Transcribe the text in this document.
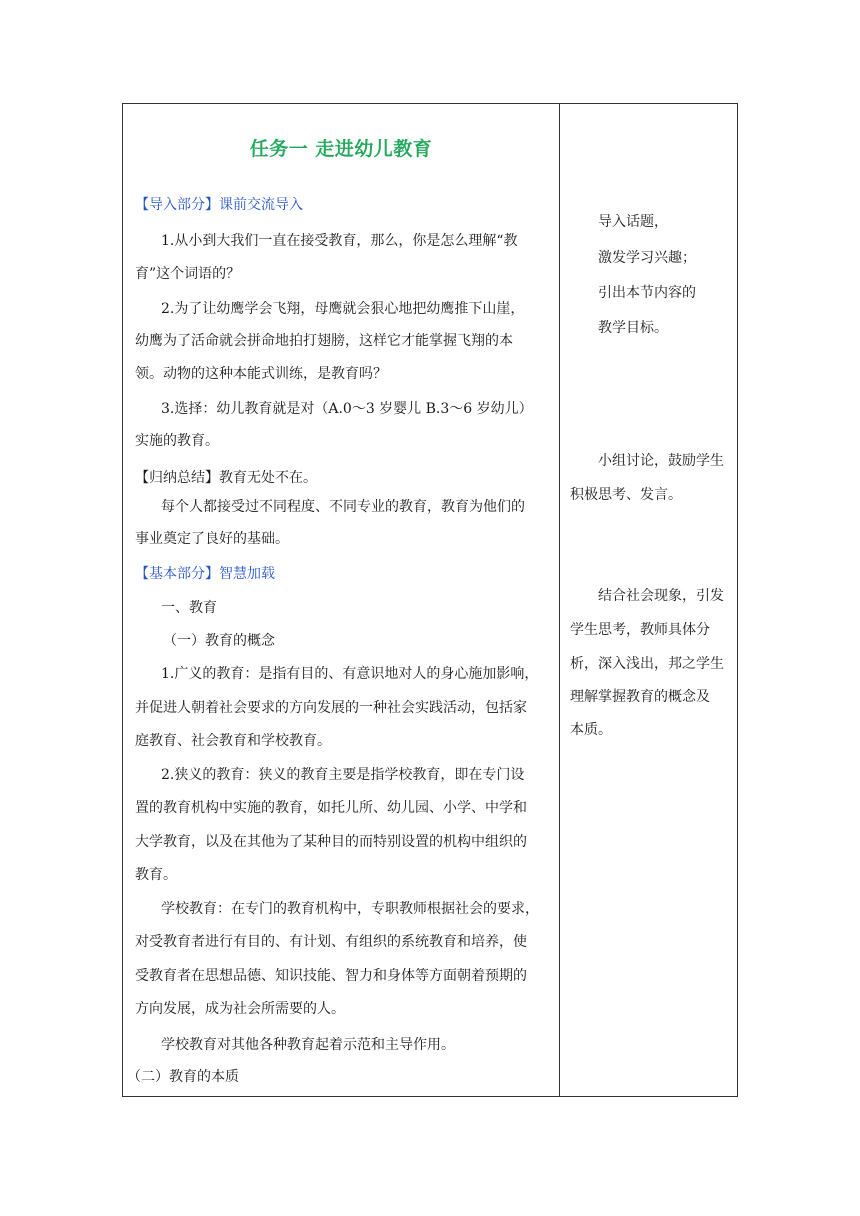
任务一 走进幼儿教育
【导入部分】课前交流导入
1.从小到大我们一直在接受教育，那么，你是怎么理解“教
育”这个词语的？
2.为了让幼鹰学会飞翔，母鹰就会狠心地把幼鹰推下山崖，
幼鹰为了活命就会拼命地拍打翅膀，这样它才能掌握飞翔的本
领。动物的这种本能式训练，是教育吗？
3.选择：幼儿教育就是对（A.0～3 岁婴儿 B.3～6 岁幼儿）
实施的教育。
【归纳总结】教育无处不在。
每个人都接受过不同程度、不同专业的教育，教育为他们的
事业奠定了良好的基础。
【基本部分】智慧加载
一、教育
（一）教育的概念
1.广义的教育：是指有目的、有意识地对人的身心施加影响，
并促进人朝着社会要求的方向发展的一种社会实践活动，包括家
庭教育、社会教育和学校教育。
2.狭义的教育：狭义的教育主要是指学校教育，即在专门设
置的教育机构中实施的教育，如托儿所、幼儿园、小学、中学和
大学教育，以及在其他为了某种目的而特别设置的机构中组织的
教育。
学校教育：在专门的教育机构中，专职教师根据社会的要求，
对受教育者进行有目的、有计划、有组织的系统教育和培养，使
受教育者在思想品德、知识技能、智力和身体等方面朝着预期的
方向发展，成为社会所需要的人。
学校教育对其他各种教育起着示范和主导作用。
（二）教育的本质
导入话题，
激发学习兴趣；
引出本节内容的
教学目标。
小组讨论，鼓励学生
积极思考、发言。
结合社会现象，引发
学生思考，教师具体分
析，深入浅出，邦之学生
理解掌握教育的概念及
本质。
